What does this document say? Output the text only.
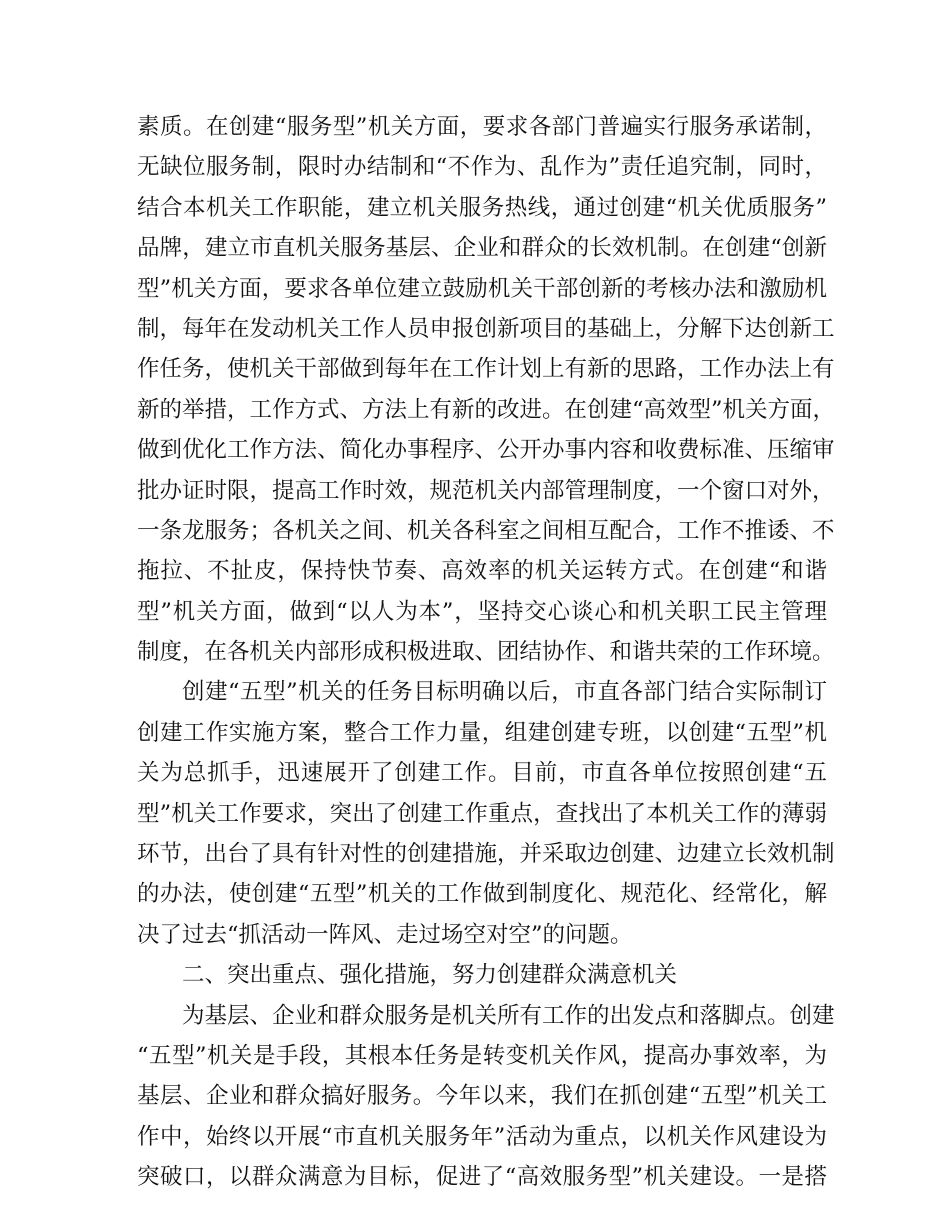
素质。在创建“服务型”机关方面，要求各部门普遍实行服务承诺制，
无缺位服务制，限时办结制和“不作为、乱作为”责任追究制，同时，
结合本机关工作职能，建立机关服务热线，通过创建“机关优质服务”
品牌，建立市直机关服务基层、企业和群众的长效机制。在创建“创新
型”机关方面，要求各单位建立鼓励机关干部创新的考核办法和激励机
制，每年在发动机关工作人员申报创新项目的基础上，分解下达创新工
作任务，使机关干部做到每年在工作计划上有新的思路，工作办法上有
新的举措，工作方式、方法上有新的改进。在创建“高效型”机关方面，
做到优化工作方法、简化办事程序、公开办事内容和收费标准、压缩审
批办证时限，提高工作时效，规范机关内部管理制度，一个窗口对外，
一条龙服务；各机关之间、机关各科室之间相互配合，工作不推诿、不
拖拉、不扯皮，保持快节奏、高效率的机关运转方式。在创建“和谐
型”机关方面，做到“以人为本”，坚持交心谈心和机关职工民主管理
制度，在各机关内部形成积极进取、团结协作、和谐共荣的工作环境。
创建“五型”机关的任务目标明确以后，市直各部门结合实际制订
创建工作实施方案，整合工作力量，组建创建专班，以创建“五型”机
关为总抓手，迅速展开了创建工作。目前，市直各单位按照创建“五
型”机关工作要求，突出了创建工作重点，查找出了本机关工作的薄弱
环节，出台了具有针对性的创建措施，并采取边创建、边建立长效机制
的办法，使创建“五型”机关的工作做到制度化、规范化、经常化，解
决了过去“抓活动一阵风、走过场空对空”的问题。
二、突出重点、强化措施，努力创建群众满意机关
为基层、企业和群众服务是机关所有工作的出发点和落脚点。创建
“五型”机关是手段，其根本任务是转变机关作风，提高办事效率，为
基层、企业和群众搞好服务。今年以来，我们在抓创建“五型”机关工
作中，始终以开展“市直机关服务年”活动为重点，以机关作风建设为
突破口，以群众满意为目标，促进了“高效服务型”机关建设。一是搭
